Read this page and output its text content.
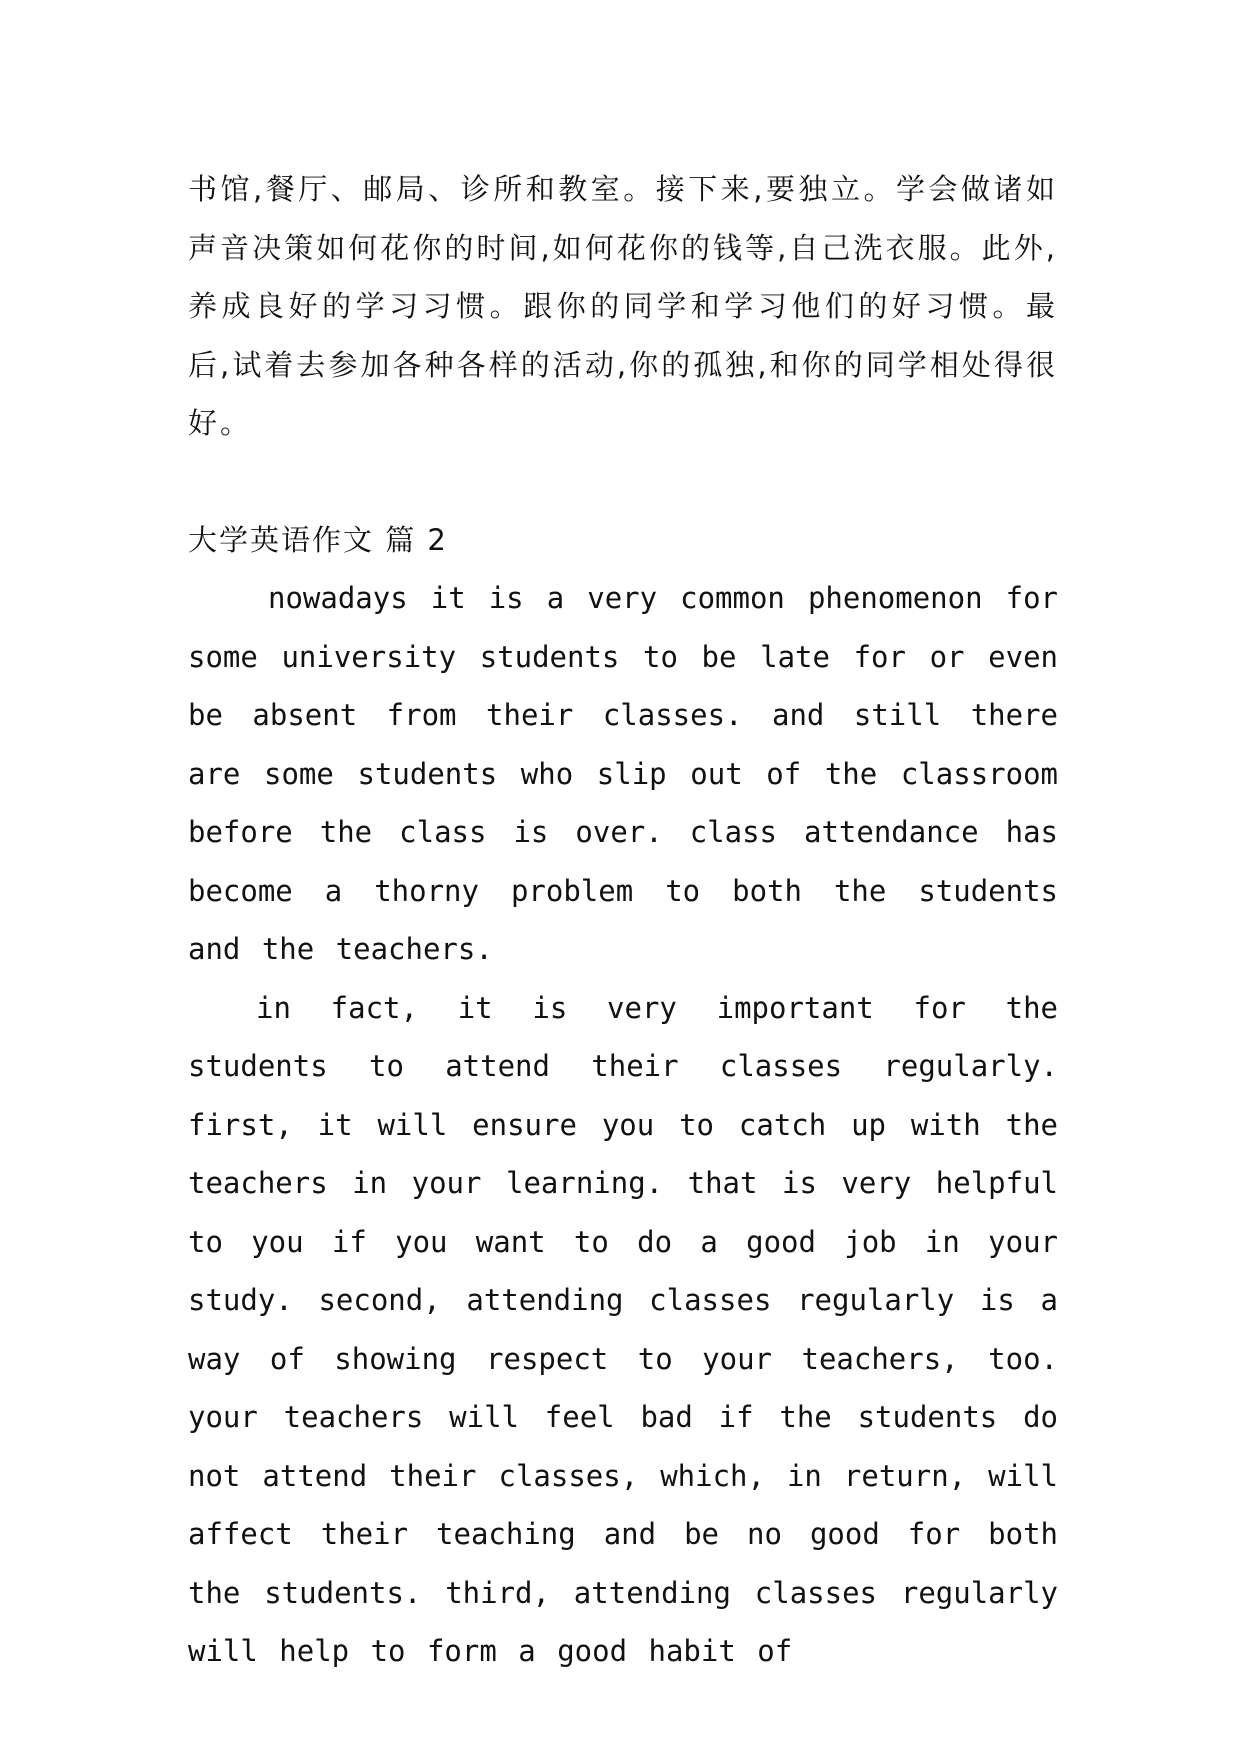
书馆,餐厅、邮局、诊所和教室。接下来,要独立。学会做诸如声音决策如何花你的时间,如何花你的钱等,自己洗衣服。此外,养成良好的学习习惯。跟你的同学和学习他们的好习惯。最后,试着去参加各种各样的活动,你的孤独,和你的同学相处得很好。

大学英语作文 篇 2

nowadays it is a very common phenomenon for some university students to be late for or even be absent from their classes. and still there are some students who slip out of the classroom before the class is over. class attendance has become a thorny problem to both the students and the teachers.

in fact, it is very important for the students to attend their classes regularly. first, it will ensure you to catch up with the teachers in your learning. that is very helpful to you if you want to do a good job in your study. second, attending classes regularly is a way of showing respect to your teachers, too. your teachers will feel bad if the students do not attend their classes, which, in return, will affect their teaching and be no good for both the students. third, attending classes regularly will help to form a good habit of
